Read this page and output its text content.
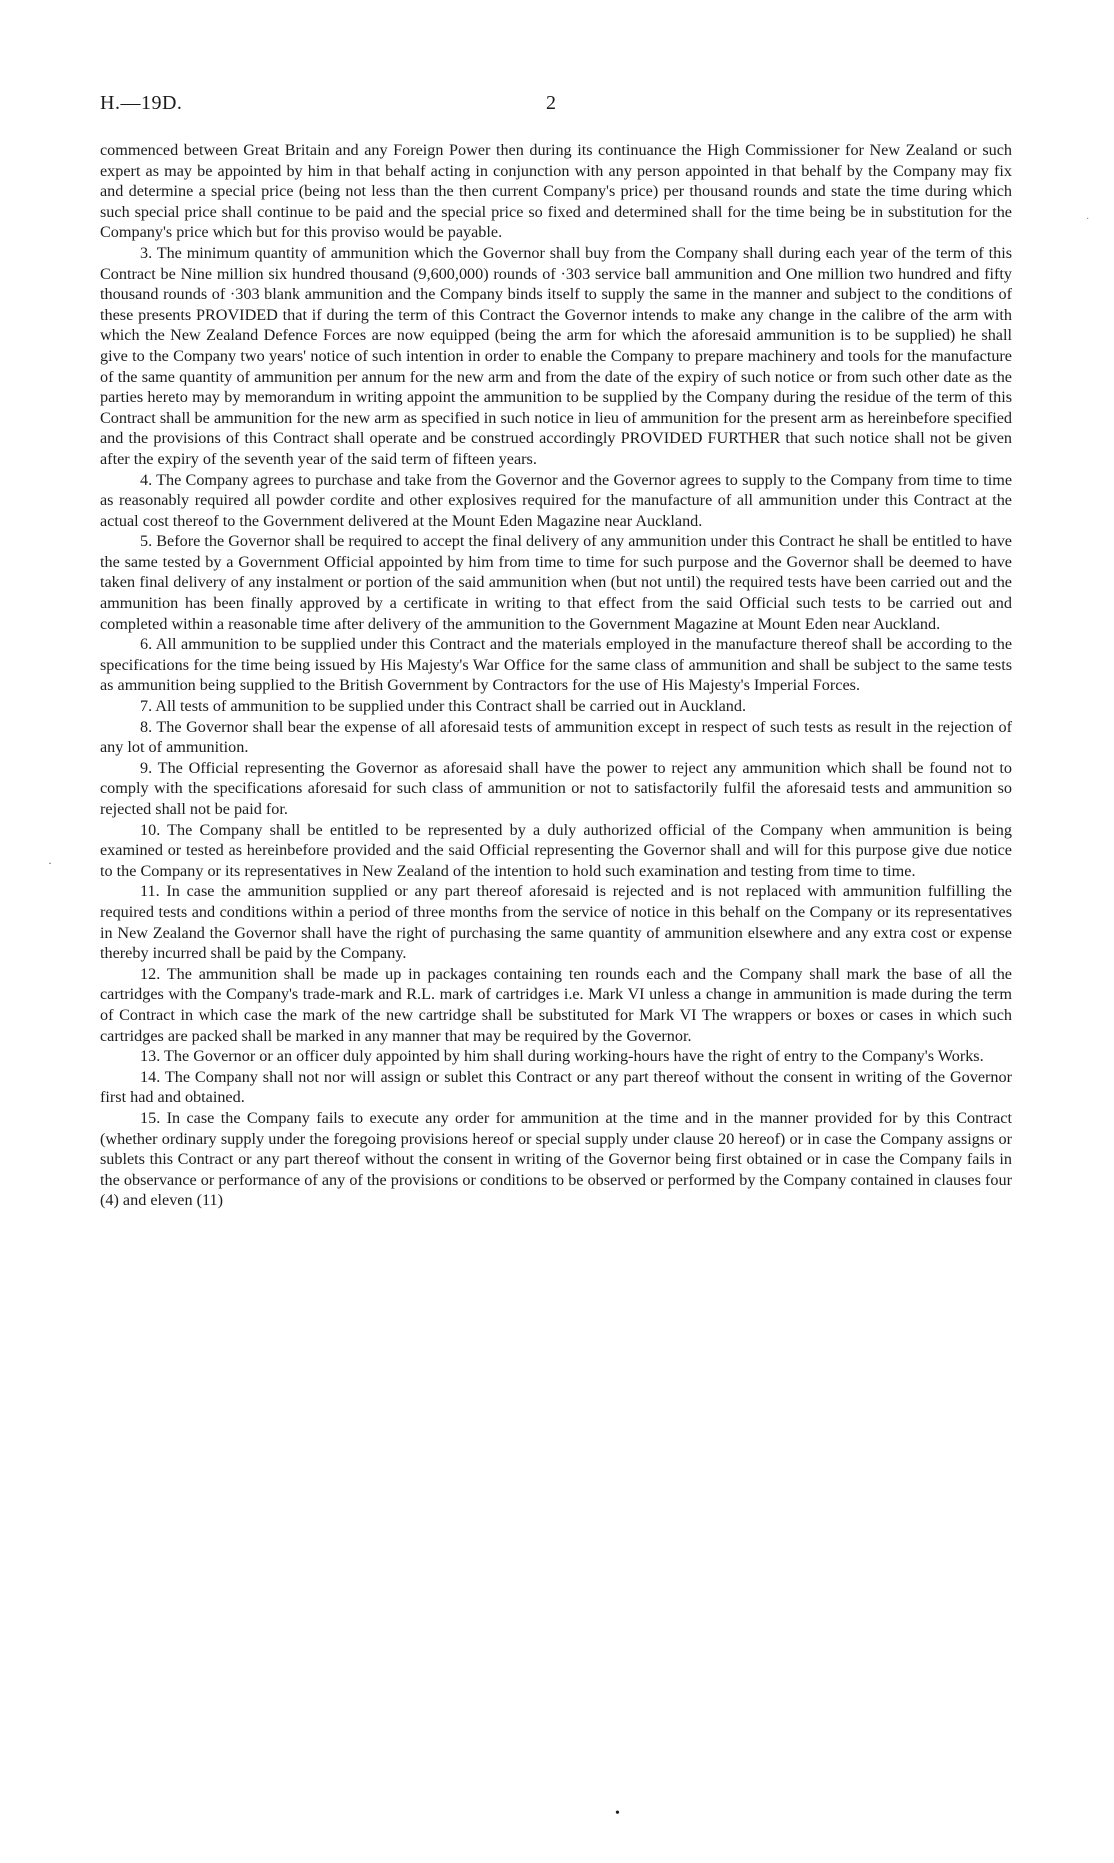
H.—19D.	2

commenced between Great Britain and any Foreign Power then during its continuance the High Commissioner for New Zealand or such expert as may be appointed by him in that behalf acting in conjunction with any person appointed in that behalf by the Company may fix and determine a special price (being not less than the then current Company's price) per thousand rounds and state the time during which such special price shall continue to be paid and the special price so fixed and determined shall for the time being be in substitution for the Company's price which but for this proviso would be payable.

3. The minimum quantity of ammunition which the Governor shall buy from the Company shall during each year of the term of this Contract be Nine million six hundred thousand (9,600,000) rounds of ·303 service ball ammunition and One million two hundred and fifty thousand rounds of ·303 blank ammunition and the Company binds itself to supply the same in the manner and subject to the conditions of these presents PROVIDED that if during the term of this Contract the Governor intends to make any change in the calibre of the arm with which the New Zealand Defence Forces are now equipped (being the arm for which the aforesaid ammunition is to be supplied) he shall give to the Company two years' notice of such intention in order to enable the Company to prepare machinery and tools for the manufacture of the same quantity of ammunition per annum for the new arm and from the date of the expiry of such notice or from such other date as the parties hereto may by memorandum in writing appoint the ammunition to be supplied by the Company during the residue of the term of this Contract shall be ammunition for the new arm as specified in such notice in lieu of ammunition for the present arm as hereinbefore specified and the provisions of this Contract shall operate and be construed accordingly PROVIDED FURTHER that such notice shall not be given after the expiry of the seventh year of the said term of fifteen years.

4. The Company agrees to purchase and take from the Governor and the Governor agrees to supply to the Company from time to time as reasonably required all powder cordite and other explosives required for the manufacture of all ammunition under this Contract at the actual cost thereof to the Government delivered at the Mount Eden Magazine near Auckland.

5. Before the Governor shall be required to accept the final delivery of any ammunition under this Contract he shall be entitled to have the same tested by a Government Official appointed by him from time to time for such purpose and the Governor shall be deemed to have taken final delivery of any instalment or portion of the said ammunition when (but not until) the required tests have been carried out and the ammunition has been finally approved by a certificate in writing to that effect from the said Official such tests to be carried out and completed within a reasonable time after delivery of the ammunition to the Government Magazine at Mount Eden near Auckland.

6. All ammunition to be supplied under this Contract and the materials employed in the manufacture thereof shall be according to the specifications for the time being issued by His Majesty's War Office for the same class of ammunition and shall be subject to the same tests as ammunition being supplied to the British Government by Contractors for the use of His Majesty's Imperial Forces.

7. All tests of ammunition to be supplied under this Contract shall be carried out in Auckland.

8. The Governor shall bear the expense of all aforesaid tests of ammunition except in respect of such tests as result in the rejection of any lot of ammunition.

9. The Official representing the Governor as aforesaid shall have the power to reject any ammunition which shall be found not to comply with the specifications aforesaid for such class of ammunition or not to satisfactorily fulfil the aforesaid tests and ammunition so rejected shall not be paid for.

10. The Company shall be entitled to be represented by a duly authorized official of the Company when ammunition is being examined or tested as hereinbefore provided and the said Official representing the Governor shall and will for this purpose give due notice to the Company or its representatives in New Zealand of the intention to hold such examination and testing from time to time.

11. In case the ammunition supplied or any part thereof aforesaid is rejected and is not replaced with ammunition fulfilling the required tests and conditions within a period of three months from the service of notice in this behalf on the Company or its representatives in New Zealand the Governor shall have the right of purchasing the same quantity of ammunition elsewhere and any extra cost or expense thereby incurred shall be paid by the Company.

12. The ammunition shall be made up in packages containing ten rounds each and the Company shall mark the base of all the cartridges with the Company's trade-mark and R.L. mark of cartridges i.e. Mark VI unless a change in ammunition is made during the term of Contract in which case the mark of the new cartridge shall be substituted for Mark VI The wrappers or boxes or cases in which such cartridges are packed shall be marked in any manner that may be required by the Governor.

13. The Governor or an officer duly appointed by him shall during working-hours have the right of entry to the Company's Works.

14. The Company shall not nor will assign or sublet this Contract or any part thereof without the consent in writing of the Governor first had and obtained.

15. In case the Company fails to execute any order for ammunition at the time and in the manner provided for by this Contract (whether ordinary supply under the foregoing provisions hereof or special supply under clause 20 hereof) or in case the Company assigns or sublets this Contract or any part thereof without the consent in writing of the Governor being first obtained or in case the Company fails in the observance or performance of any of the provisions or conditions to be observed or performed by the Company contained in clauses four (4) and eleven (11)

·
·
•
